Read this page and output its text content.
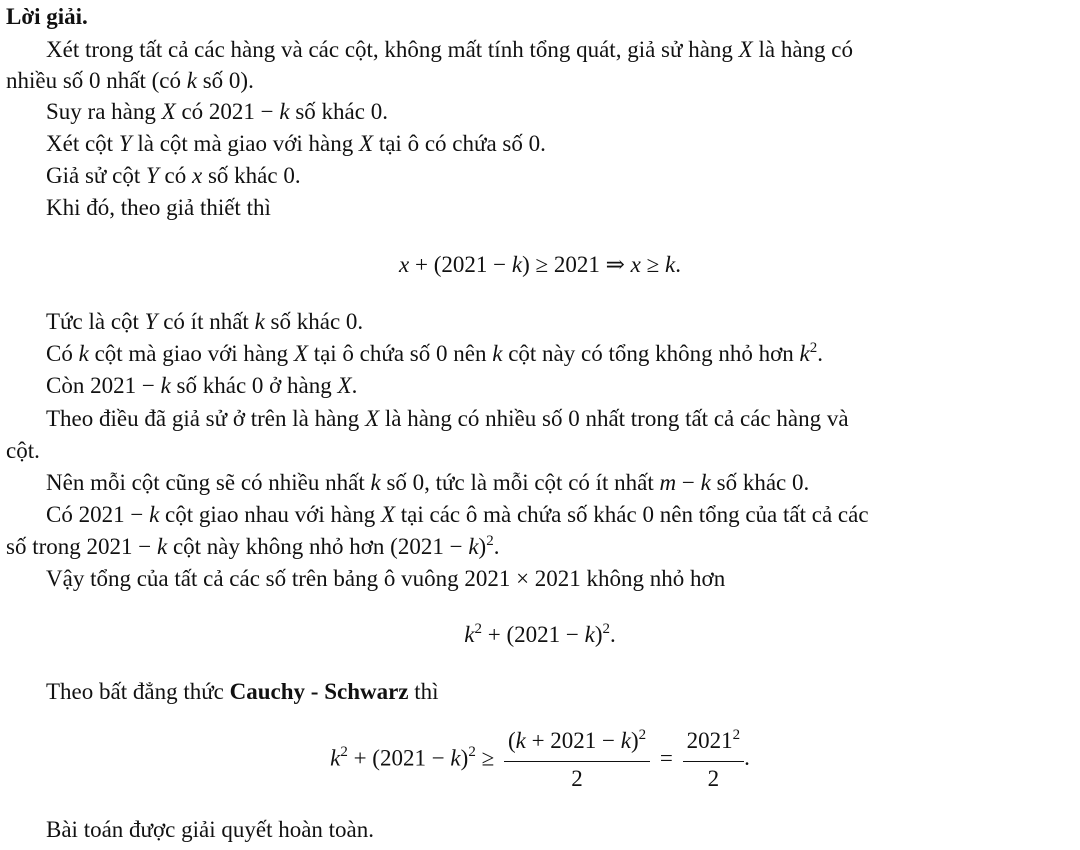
Lời giải.
Xét trong tất cả các hàng và các cột, không mất tính tổng quát, giả sử hàng X là hàng có
nhiều số 0 nhất (có k số 0).
Suy ra hàng X có 2021 − k số khác 0.
Xét cột Y là cột mà giao với hàng X tại ô có chứa số 0.
Giả sử cột Y có x số khác 0.
Khi đó, theo giả thiết thì
x + (2021 − k) ≥ 2021 ⇒ x ≥ k.
Tức là cột Y có ít nhất k số khác 0.
Có k cột mà giao với hàng X tại ô chứa số 0 nên k cột này có tổng không nhỏ hơn $k^2$.
Còn 2021 − k số khác 0 ở hàng X.
Theo điều đã giả sử ở trên là hàng X là hàng có nhiều số 0 nhất trong tất cả các hàng và
cột.
Nên mỗi cột cũng sẽ có nhiều nhất k số 0, tức là mỗi cột có ít nhất m − k số khác 0.
Có 2021 − k cột giao nhau với hàng X tại các ô mà chứa số khác 0 nên tổng của tất cả các
số trong 2021 − k cột này không nhỏ hơn $(2021 - k)^2$.
Vậy tổng của tất cả các số trên bảng ô vuông 2021 × 2021 không nhỏ hơn
$k^2 + (2021 - k)^2$.
Theo bất đẳng thức Cauchy - Schwarz thì
$k^2 + (2021 - k)^2 \ge \frac{(k + 2021 - k)^2}{2} = \frac{2021^2}{2}$ .
Bài toán được giải quyết hoàn toàn.
